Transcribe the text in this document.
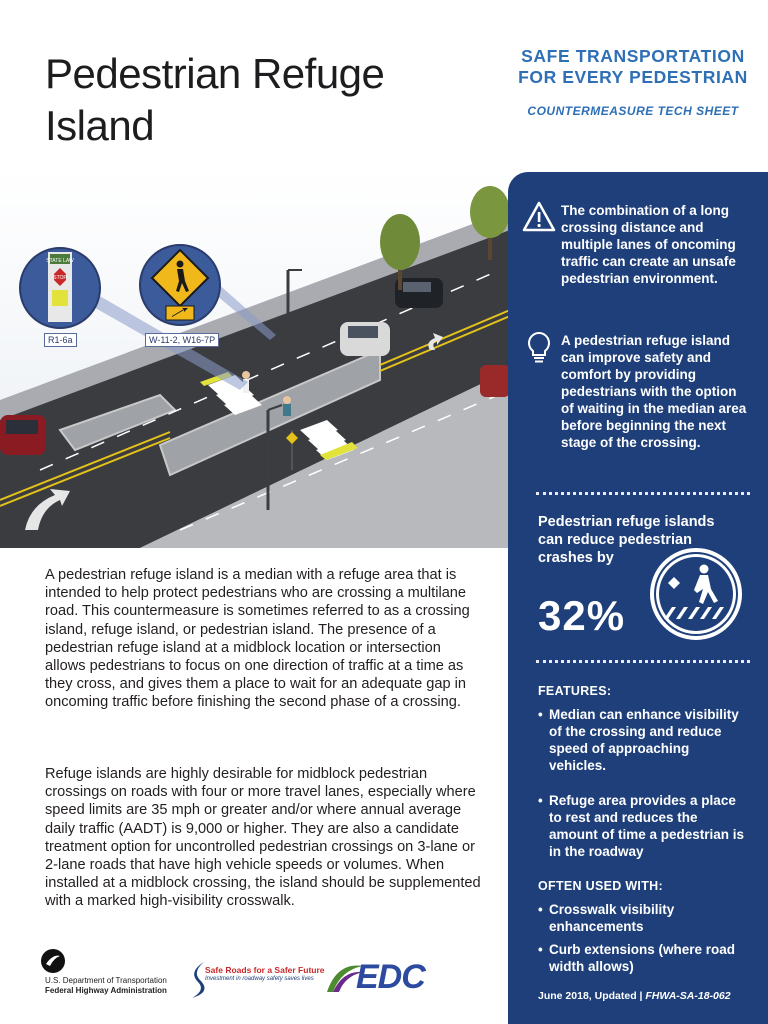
Pedestrian Refuge Island
SAFE TRANSPORTATION FOR EVERY PEDESTRIAN
COUNTERMEASURE TECH SHEET
STATE LAW
STOP
R1-6a	W-11-2, W16-7P
The combination of a long crossing distance and multiple lanes of oncoming traffic can create an unsafe pedestrian environment.
A pedestrian refuge island can improve safety and comfort by providing pedestrians with the option of waiting in the median area before beginning the next stage of the crossing.
Pedestrian refuge islands can reduce pedestrian crashes by
32%
FEATURES:
• Median can enhance visibility of the crossing and reduce speed of approaching vehicles.
• Refuge area provides a place to rest and reduces the amount of time a pedestrian is in the roadway
OFTEN USED WITH:
• Crosswalk visibility enhancements
• Curb extensions (where road width allows)
June 2018, Updated | FHWA-SA-18-062

A pedestrian refuge island is a median with a refuge area that is intended to help protect pedestrians who are crossing a multilane road. This countermeasure is sometimes referred to as a crossing island, refuge island, or pedestrian island. The presence of a pedestrian refuge island at a midblock location or intersection allows pedestrians to focus on one direction of traffic at a time as they cross, and gives them a place to wait for an adequate gap in oncoming traffic before finishing the second phase of a crossing.

Refuge islands are highly desirable for midblock pedestrian crossings on roads with four or more travel lanes, especially where speed limits are 35 mph or greater and/or where annual average daily traffic (AADT) is 9,000 or higher. They are also a candidate treatment option for uncontrolled pedestrian crossings on 3-lane or 2-lane roads that have high vehicle speeds or volumes. When installed at a midblock crossing, the island should be supplemented with a marked high-visibility crosswalk.

U.S. Department of Transportation
Federal Highway Administration
Safe Roads for a Safer Future
Investment in roadway safety saves lives EDC
